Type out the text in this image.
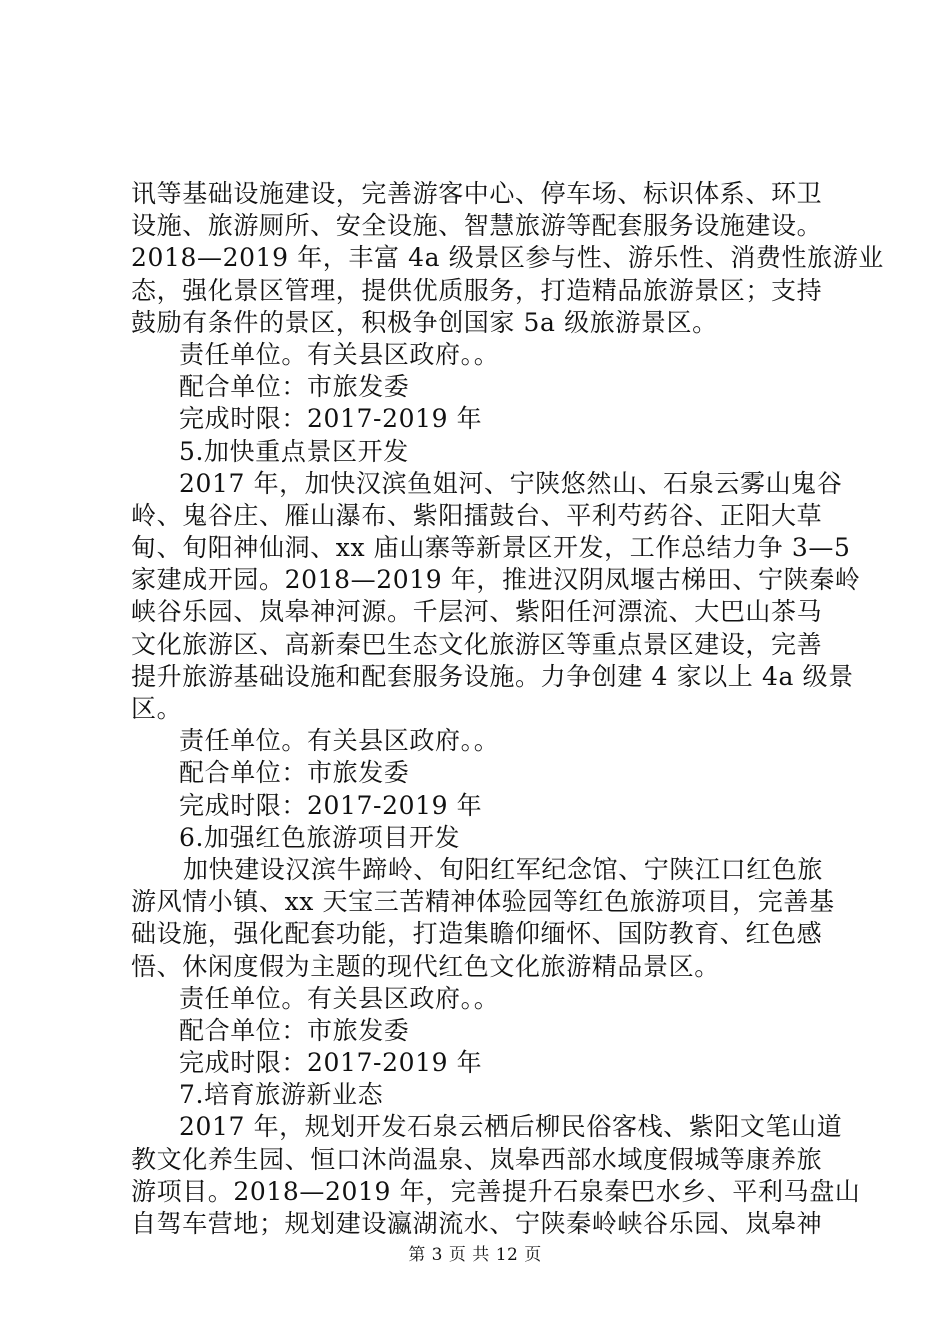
讯等基础设施建设，完善游客中心、停车场、标识体系、环卫
设施、旅游厕所、安全设施、智慧旅游等配套服务设施建设。
2018—2019 年，丰富 4a 级景区参与性、游乐性、消费性旅游业
态，强化景区管理，提供优质服务，打造精品旅游景区；支持
鼓励有条件的景区，积极争创国家 5a 级旅游景区。
责任单位。有关县区政府。。
配合单位：市旅发委
完成时限：2017-2019 年
5.加快重点景区开发
2017 年，加快汉滨鱼姐河、宁陕悠然山、石泉云雾山鬼谷
岭、鬼谷庄、雁山瀑布、紫阳擂鼓台、平利芍药谷、正阳大草
甸、旬阳神仙洞、xx 庙山寨等新景区开发，工作总结力争 3—5
家建成开园。2018—2019 年，推进汉阴凤堰古梯田、宁陕秦岭
峡谷乐园、岚皋神河源。千层河、紫阳任河漂流、大巴山茶马
文化旅游区、高新秦巴生态文化旅游区等重点景区建设，完善
提升旅游基础设施和配套服务设施。力争创建 4 家以上 4a 级景
区。
责任单位。有关县区政府。。
配合单位：市旅发委
完成时限：2017-2019 年
6.加强红色旅游项目开发
加快建设汉滨牛蹄岭、旬阳红军纪念馆、宁陕江口红色旅
游风情小镇、xx 天宝三苦精神体验园等红色旅游项目，完善基
础设施，强化配套功能，打造集瞻仰缅怀、国防教育、红色感
悟、休闲度假为主题的现代红色文化旅游精品景区。
责任单位。有关县区政府。。
配合单位：市旅发委
完成时限：2017-2019 年
7.培育旅游新业态
2017 年，规划开发石泉云栖后柳民俗客栈、紫阳文笔山道
教文化养生园、恒口沐尚温泉、岚皋西部水域度假城等康养旅
游项目。2018—2019 年，完善提升石泉秦巴水乡、平利马盘山
自驾车营地；规划建设瀛湖流水、宁陕秦岭峡谷乐园、岚皋神
第 3 页 共 12 页
